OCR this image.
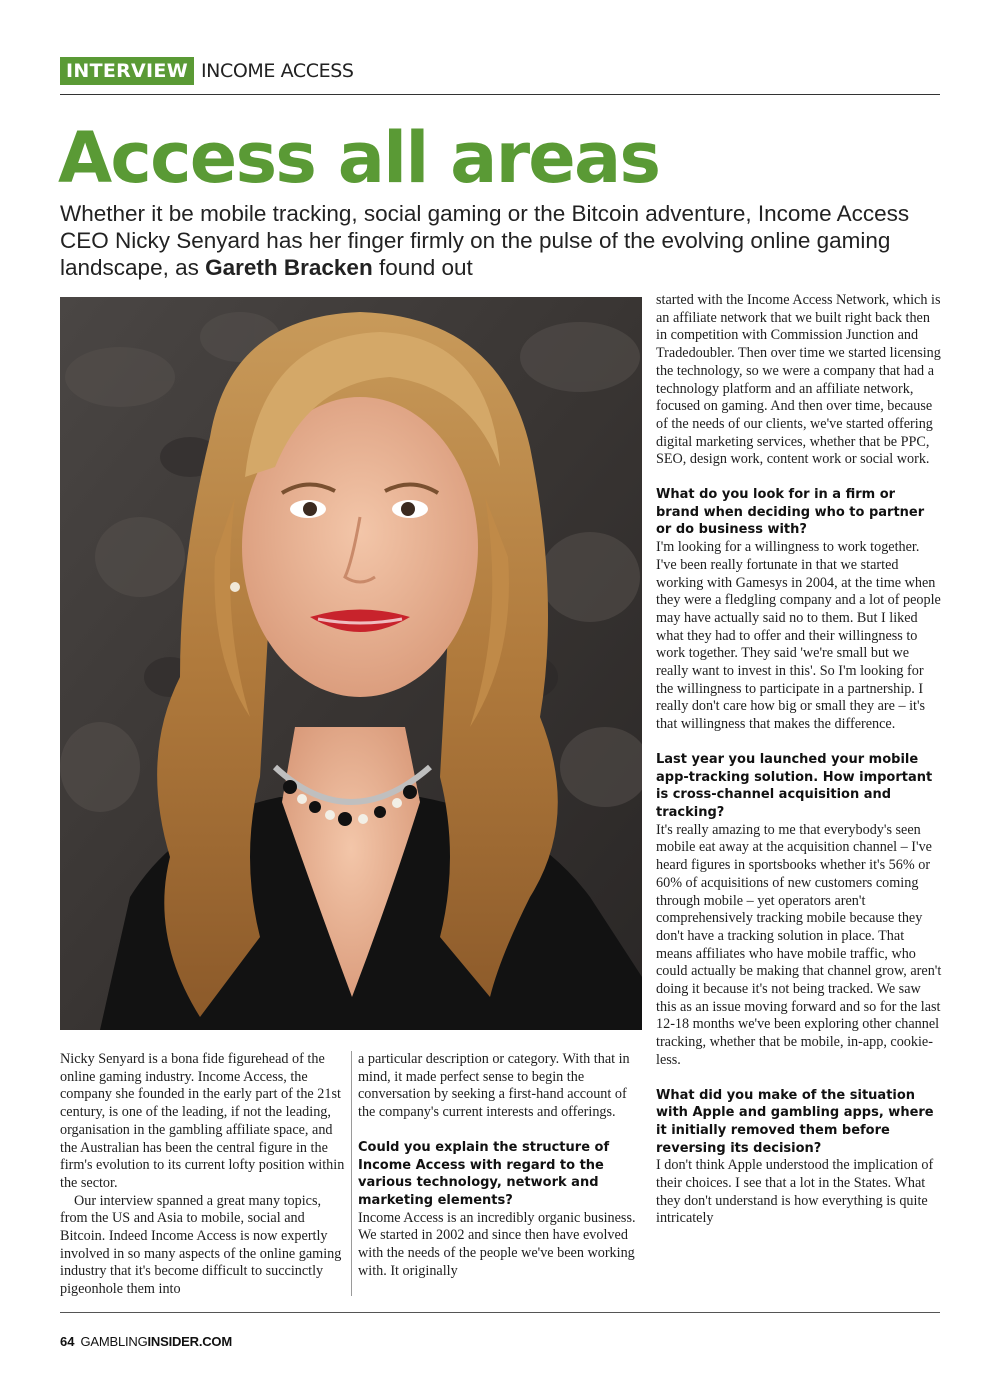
INTERVIEW INCOME ACCESS
Access all areas

Whether it be mobile tracking, social gaming or the Bitcoin adventure, Income Access CEO Nicky Senyard has her finger firmly on the pulse of the evolving online gaming landscape, as Gareth Bracken found out

Nicky Senyard is a bona fide figurehead of the online gaming industry. Income Access, the company she founded in the early part of the 21st century, is one of the leading, if not the leading, organisation in the gambling affiliate space, and the Australian has been the central figure in the firm's evolution to its current lofty position within the sector.

Our interview spanned a great many topics, from the US and Asia to mobile, social and Bitcoin. Indeed Income Access is now expertly involved in so many aspects of the online gaming industry that it's become difficult to succinctly pigeonhole them into

a particular description or category. With that in mind, it made perfect sense to begin the conversation by seeking a first-hand account of the company's current interests and offerings.

Could you explain the structure of Income Access with regard to the various technology, network and marketing elements?

Income Access is an incredibly organic business. We started in 2002 and since then have evolved with the needs of the people we've been working with. It originally

started with the Income Access Network, which is an affiliate network that we built right back then in competition with Commission Junction and Tradedoubler. Then over time we started licensing the technology, so we were a company that had a technology platform and an affiliate network, focused on gaming. And then over time, because of the needs of our clients, we've started offering digital marketing services, whether that be PPC, SEO, design work, content work or social work.

What do you look for in a firm or brand when deciding who to partner or do business with?

I'm looking for a willingness to work together. I've been really fortunate in that we started working with Gamesys in 2004, at the time when they were a fledgling company and a lot of people may have actually said no to them. But I liked what they had to offer and their willingness to work together. They said 'we're small but we really want to invest in this'. So I'm looking for the willingness to participate in a partnership. I really don't care how big or small they are – it's that willingness that makes the difference.

Last year you launched your mobile app-tracking solution. How important is cross-channel acquisition and tracking?

It's really amazing to me that everybody's seen mobile eat away at the acquisition channel – I've heard figures in sportsbooks whether it's 56% or 60% of acquisitions of new customers coming through mobile – yet operators aren't comprehensively tracking mobile because they don't have a tracking solution in place. That means affiliates who have mobile traffic, who could actually be making that channel grow, aren't doing it because it's not being tracked. We saw this as an issue moving forward and so for the last 12-18 months we've been exploring other channel tracking, whether that be mobile, in-app, cookie-less.

What did you make of the situation with Apple and gambling apps, where it initially removed them before reversing its decision?

I don't think Apple understood the implication of their choices. I see that a lot in the States. What they don't understand is how everything is quite intricately

64 GAMBLINGINSIDER.COM
